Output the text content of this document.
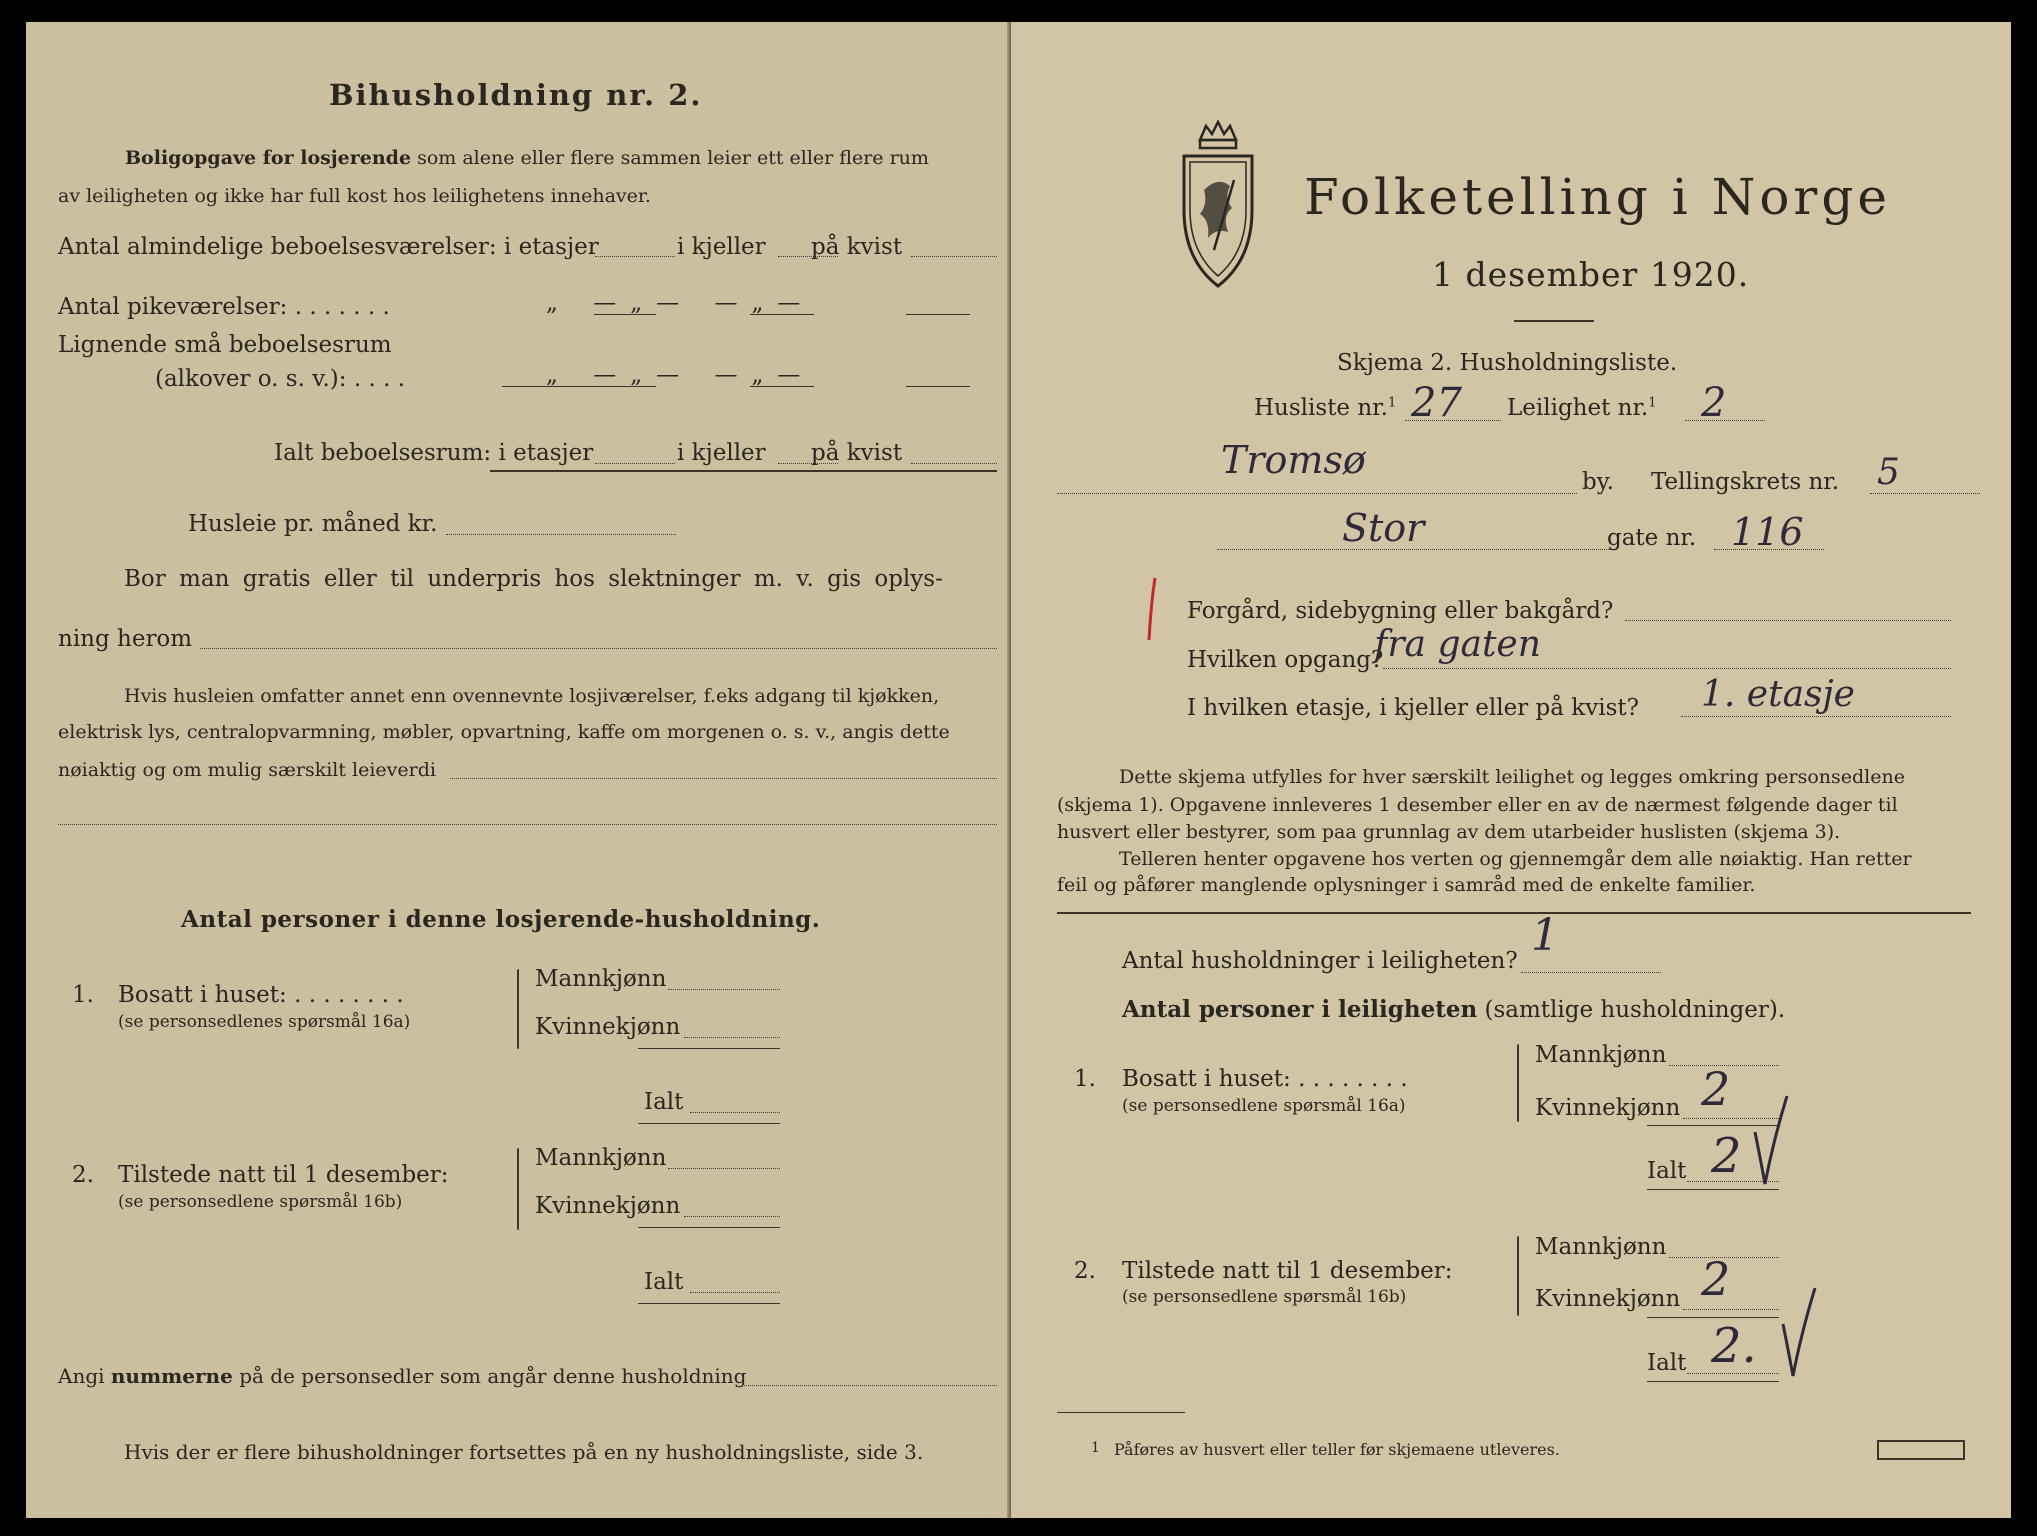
Bihusholdning nr. 2.
Boligopgave for losjerende som alene eller flere sammen leier ett eller flere rum
av leiligheten og ikke har full kost hos leilighetens innehaver.
Antal almindelige beboelsesværelser: i etasjer	i kjeller på kvist
Antal pikeværelser: . . . . . . .	„ —„— —„—
Lignende små beboelsesrum
(alkover o. s. v.): . . . .	„ —„— —„—
Ialt beboelsesrum: i etasjer	i kjeller på kvist
Husleie pr. måned kr.
Bor man gratis eller til underpris hos slektninger m. v. gis oplys-
ning herom
Hvis husleien omfatter annet enn ovennevnte losjiværelser, f.eks adgang til kjøkken,
elektrisk lys, centralopvarmning, møbler, opvartning, kaffe om morgenen o. s. v., angis dette
nøiaktig og om mulig særskilt leieverdi
Antal personer i denne losjerende-husholdning.
1. Bosatt i huset: . . . . . . . .
(se personsedlenes spørsmål 16a)
Mannkjønn
Kvinnekjønn
Ialt
2. Tilstede natt til 1 desember:
(se personsedlene spørsmål 16b)
Mannkjønn
Kvinnekjønn
Ialt
Angi nummerne på de personsedler som angår denne husholdning
Hvis der er flere bihusholdninger fortsettes på en ny husholdningsliste, side 3.
Folketelling i Norge
1 desember 1920.
Skjema 2. Husholdningsliste.
Husliste nr.$^1$ 27 Leilighet nr.$^1$ 2
Tromsø	by. Tellingskrets nr. 5
Stor	gate nr. 116
Forgård, sidebygning eller bakgård?
Hvilken opgang?
fra gaten
I hvilken etasje, i kjeller eller på kvist? 1. etasje
Dette skjema utfylles for hver særskilt leilighet og legges omkring personsedlene
(skjema 1). Opgavene innleveres 1 desember eller en av de nærmest følgende dager til
husvert eller bestyrer, som paa grunnlag av dem utarbeider huslisten (skjema 3).
Telleren henter opgavene hos verten og gjennemgår dem alle nøiaktig. Han retter
feil og påfører manglende oplysninger i samråd med de enkelte familier.
Antal husholdninger i leiligheten? 1
Antal personer i leiligheten (samtlige husholdninger).
1. Bosatt i huset: . . . . . . . .
(se personsedlene spørsmål 16a)
Mannkjønn
Kvinnekjønn 2
Ialt 2
2. Tilstede natt til 1 desember:
(se personsedlene spørsmål 16b)
Mannkjønn
Kvinnekjønn 2
Ialt 2.
1 Påføres av husvert eller teller før skjemaene utleveres.
